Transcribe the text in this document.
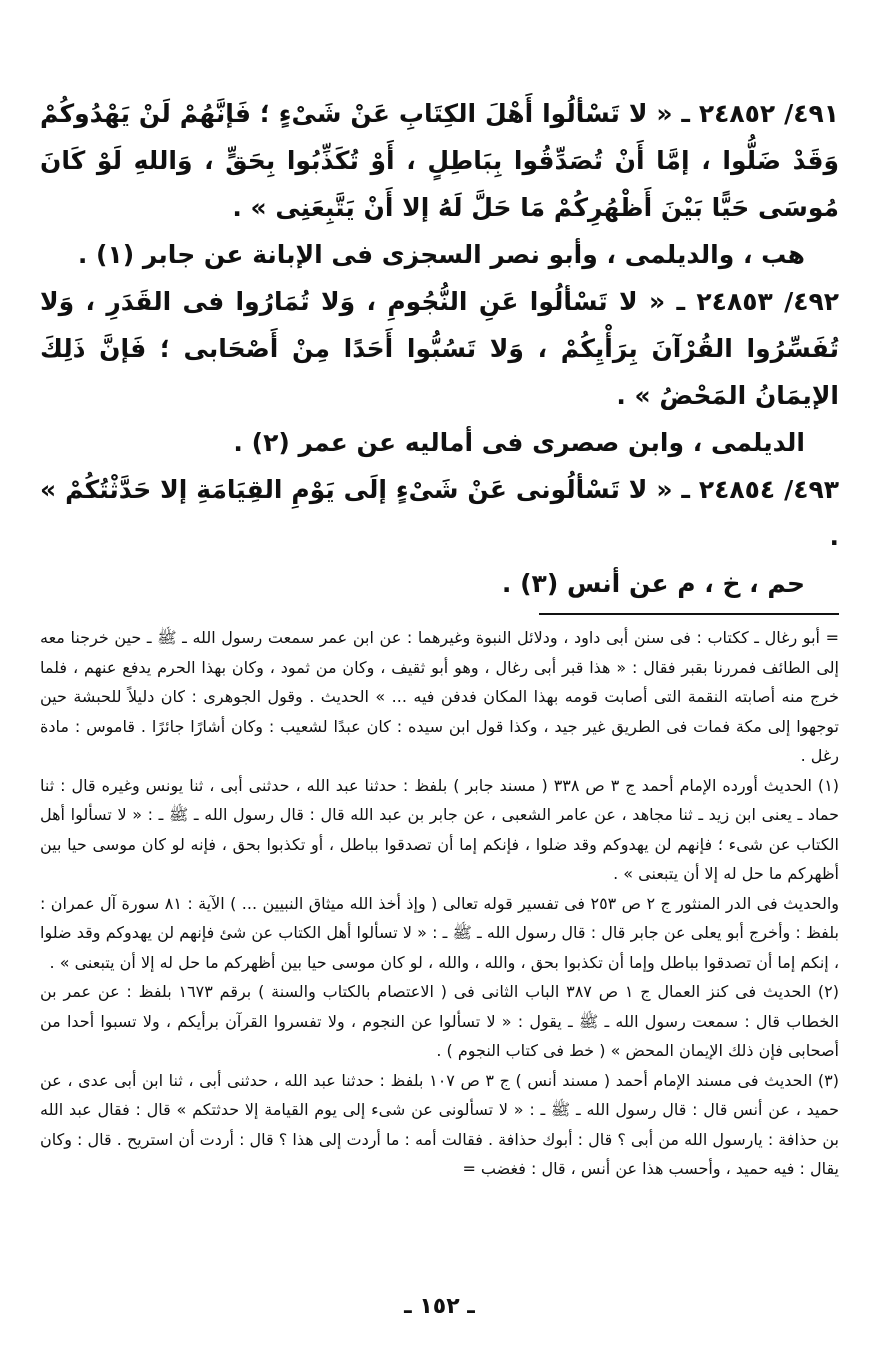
٤٩١/ ٢٤٨٥٢ ـ « لا تَسْألُوا أَهْلَ الكِتَابِ عَنْ شَىْءٍ ؛ فَإنَّهُمْ لَنْ يَهْدُوكُمْ وَقَدْ ضَلُّوا ، إمَّا أَنْ تُصَدِّقُوا بِبَاطِلٍ ، أَوْ تُكَذِّبُوا بِحَقٍّ ، وَاللهِ لَوْ كَانَ مُوسَى حَيًّا بَيْنَ أَظْهُرِكُمْ مَا حَلَّ لَهُ إلا أَنْ يَتَّبِعَنِى » .

هب ، والديلمى ، وأبو نصر السجزى فى الإبانة عن جابر (١) .

٤٩٢/ ٢٤٨٥٣ ـ « لا تَسْألُوا عَنِ النُّجُومِ ، وَلا تُمَارُوا فى القَدَرِ ، وَلا تُفَسِّرُوا القُرْآنَ بِرَأْيِكُمْ ، وَلا تَسُبُّوا أَحَدًا مِنْ أَصْحَابى ؛ فَإنَّ ذَلِكَ الإيمَانُ المَحْضُ » .

الديلمى ، وابن صصرى فى أماليه عن عمر (٢) .

٤٩٣/ ٢٤٨٥٤ ـ « لا تَسْألُونى عَنْ شَىْءٍ إلَى يَوْمِ القِيَامَةِ إلا حَدَّثْتُكُمْ » .

حم ، خ ، م عن أنس (٣) .

= أبو رغال ـ ككتاب : فى سنن أبى داود ، ودلائل النبوة وغيرهما : عن ابن عمر سمعت رسول الله ـ ﷺ ـ حين خرجنا معه إلى الطائف فمررنا بقبر فقال : « هذا قبر أبى رغال ، وهو أبو ثقيف ، وكان من ثمود ، وكان بهذا الحرم يدفع عنهم ، فلما خرج منه أصابته النقمة التى أصابت قومه بهذا المكان فدفن فيه ... » الحديث . وقول الجوهرى : كان دليلاً للحبشة حين توجهوا إلى مكة فمات فى الطريق غير جيد ، وكذا قول ابن سيده : كان عبدًا لشعيب : وكان أشارًا جائرًا . قاموس : مادة رغل .

(١) الحديث أورده الإمام أحمد ج ٣ ص ٣٣٨ ( مسند جابر ) بلفظ : حدثنا عبد الله ، حدثنى أبى ، ثنا يونس وغيره قال : ثنا حماد ـ يعنى ابن زيد ـ ثنا مجاهد ، عن عامر الشعبى ، عن جابر بن عبد الله قال : قال رسول الله ـ ﷺ ـ : « لا تسألوا أهل الكتاب عن شىء ؛ فإنهم لن يهدوكم وقد ضلوا ، فإنكم إما أن تصدقوا بباطل ، أو تكذبوا بحق ، فإنه لو كان موسى حيا بين أظهركم ما حل له إلا أن يتبعنى » .

والحديث فى الدر المنثور ج ٢ ص ٢٥٣ فى تفسير قوله تعالى ( وإذ أخذ الله ميثاق النبيين ... ) الآية : ٨١ سورة آل عمران : بلفظ : وأخرج أبو يعلى عن جابر قال : قال رسول الله ـ ﷺ ـ : « لا تسألوا أهل الكتاب عن شئ فإنهم لن يهدوكم وقد ضلوا ، إنكم إما أن تصدقوا بباطل وإما أن تكذبوا بحق ، والله ، والله ، لو كان موسى حيا بين أظهركم ما حل له إلا أن يتبعنى » .

(٢) الحديث فى كنز العمال ج ١ ص ٣٨٧ الباب الثانى فى ( الاعتصام بالكتاب والسنة ) برقم ١٦٧٣ بلفظ : عن عمر بن الخطاب قال : سمعت رسول الله ـ ﷺ ـ يقول : « لا تسألوا عن النجوم ، ولا تفسروا القرآن برأيكم ، ولا تسبوا أحدا من أصحابى فإن ذلك الإيمان المحض » ( خط فى كتاب النجوم ) .

(٣) الحديث فى مسند الإمام أحمد ( مسند أنس ) ج ٣ ص ١٠٧ بلفظ : حدثنا عبد الله ، حدثنى أبى ، ثنا ابن أبى عدى ، عن حميد ، عن أنس قال : قال رسول الله ـ ﷺ ـ : « لا تسألونى عن شىء إلى يوم القيامة إلا حدثتكم » قال : فقال عبد الله بن حذافة : يارسول الله من أبى ؟ قال : أبوك حذافة . فقالت أمه : ما أردت إلى هذا ؟ قال : أردت أن استريح . قال : وكان يقال : فيه حميد ، وأحسب هذا عن أنس ، قال : فغضب =

ـ ١٥٢ ـ
